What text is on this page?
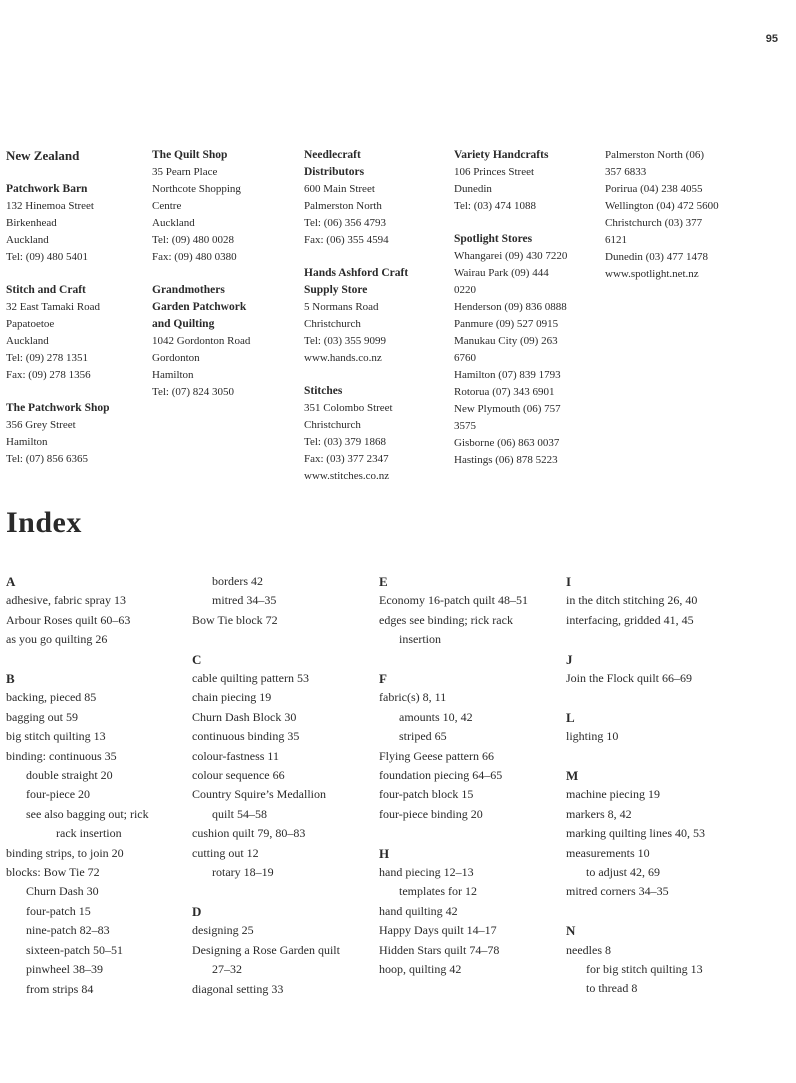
95
New Zealand
Patchwork Barn
132 Hinemoa Street
Birkenhead
Auckland
Tel: (09) 480 5401
Stitch and Craft
32 East Tamaki Road
Papatoetoe
Auckland
Tel: (09) 278 1351
Fax: (09) 278 1356
The Patchwork Shop
356 Grey Street
Hamilton
Tel: (07) 856 6365
The Quilt Shop
35 Pearn Place
Northcote Shopping
Centre
Auckland
Tel: (09) 480 0028
Fax: (09) 480 0380
Grandmothers
Garden Patchwork
and Quilting
1042 Gordonton Road
Gordonton
Hamilton
Tel: (07) 824 3050
Needlecraft
Distributors
600 Main Street
Palmerston North
Tel: (06) 356 4793
Fax: (06) 355 4594
Hands Ashford Craft
Supply Store
5 Normans Road
Christchurch
Tel: (03) 355 9099
www.hands.co.nz
Stitches
351 Colombo Street
Christchurch
Tel: (03) 379 1868
Fax: (03) 377 2347
www.stitches.co.nz
Variety Handcrafts
106 Princes Street
Dunedin
Tel: (03) 474 1088
Spotlight Stores
Whangarei (09) 430 7220
Wairau Park (09) 444
0220
Henderson (09) 836 0888
Panmure (09) 527 0915
Manukau City (09) 263
6760
Hamilton (07) 839 1793
Rotorua (07) 343 6901
New Plymouth (06) 757
3575
Gisborne (06) 863 0037
Hastings (06) 878 5223
Palmerston North (06)
357 6833
Porirua (04) 238 4055
Wellington (04) 472 5600
Christchurch (03) 377
6121
Dunedin (03) 477 1478
www.spotlight.net.nz
Index
A
adhesive, fabric spray 13
Arbour Roses quilt 60–63
as you go quilting 26
B
backing, pieced 85
bagging out 59
big stitch quilting 13
binding: continuous 35
double straight 20
four-piece 20
see also bagging out; rick
rack insertion
binding strips, to join 20
blocks: Bow Tie 72
Churn Dash 30
four-patch 15
nine-patch 82–83
sixteen-patch 50–51
pinwheel 38–39
from strips 84
borders 42
mitred 34–35
Bow Tie block 72
C
cable quilting pattern 53
chain piecing 19
Churn Dash Block 30
continuous binding 35
colour-fastness 11
colour sequence 66
Country Squire’s Medallion
quilt 54–58
cushion quilt 79, 80–83
cutting out 12
rotary 18–19
D
designing 25
Designing a Rose Garden quilt
27–32
diagonal setting 33
E
Economy 16-patch quilt 48–51
edges see binding; rick rack
insertion
F
fabric(s) 8, 11
amounts 10, 42
striped 65
Flying Geese pattern 66
foundation piecing 64–65
four-patch block 15
four-piece binding 20
H
hand piecing 12–13
templates for 12
hand quilting 42
Happy Days quilt 14–17
Hidden Stars quilt 74–78
hoop, quilting 42
I
in the ditch stitching 26, 40
interfacing, gridded 41, 45
J
Join the Flock quilt 66–69
L
lighting 10
M
machine piecing 19
markers 8, 42
marking quilting lines 40, 53
measurements 10
to adjust 42, 69
mitred corners 34–35
N
needles 8
for big stitch quilting 13
to thread 8
